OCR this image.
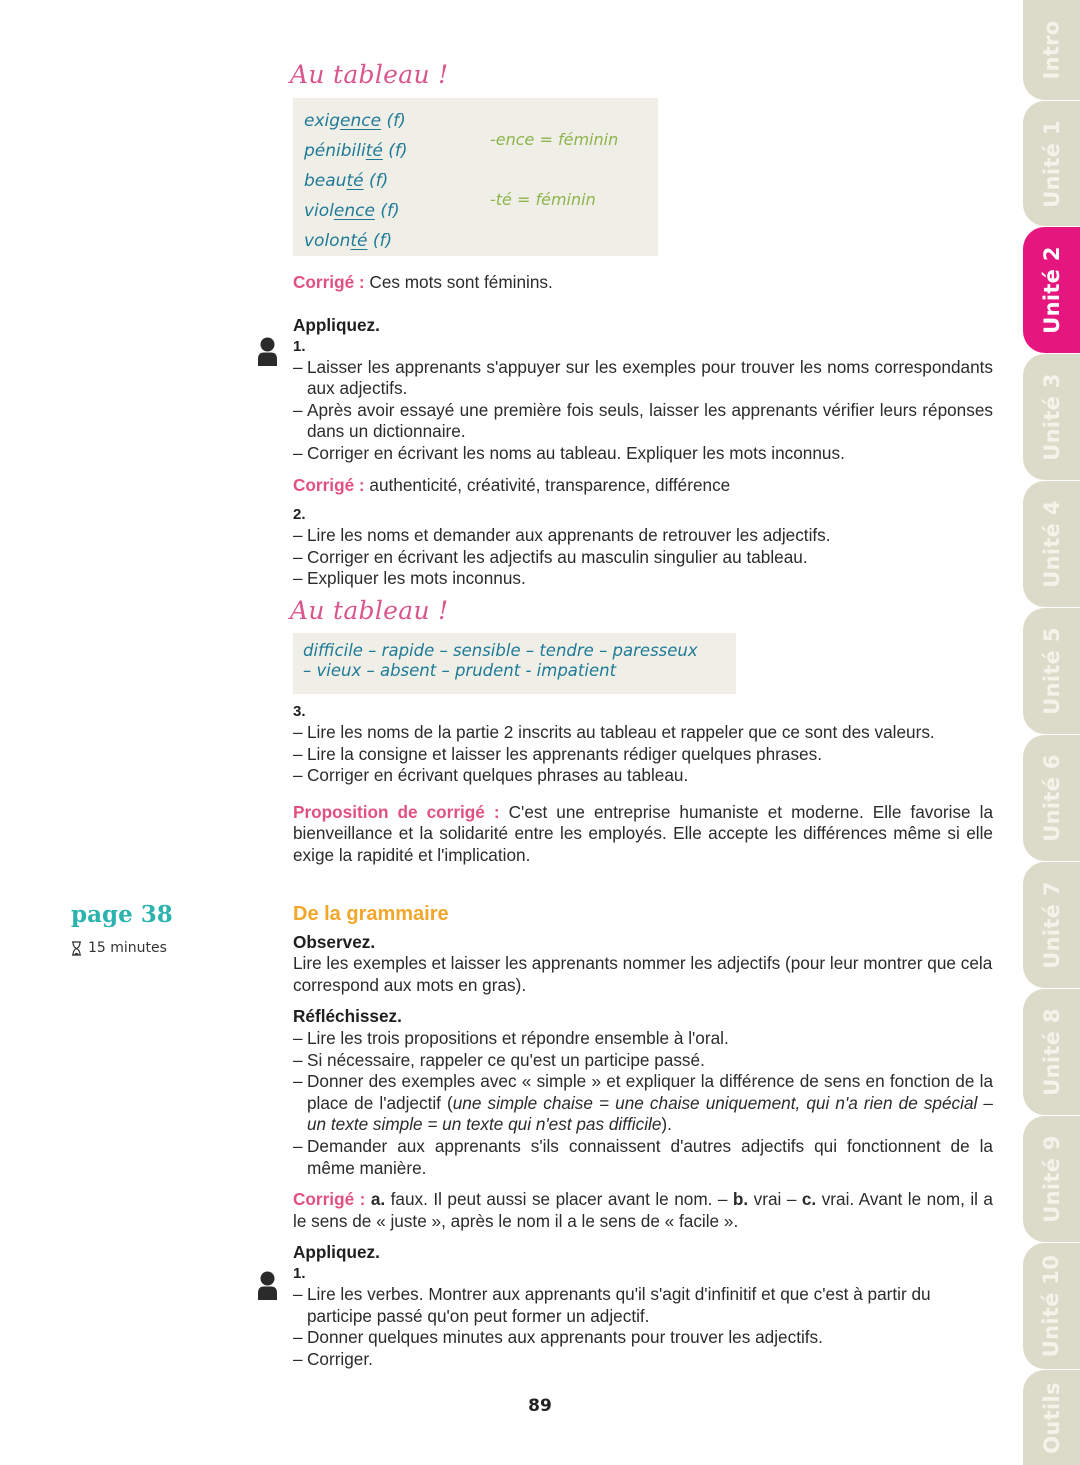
Intro
Unité 1
Unité 2
Unité 3
Unité 4
Unité 5
Unité 6
Unité 7
Unité 8
Unité 9
Unité 10
Outils
Au tableau !
exigence (f)
pénibilité (f)
beauté (f)
violence (f)
volonté (f)
-ence = féminin
-té = féminin
Corrigé : Ces mots sont féminins.
Appliquez.
1.
– Laisser les apprenants s'appuyer sur les exemples pour trouver les noms correspondants aux adjectifs.
– Après avoir essayé une première fois seuls, laisser les apprenants vérifier leurs réponses dans un dictionnaire.
– Corriger en écrivant les noms au tableau. Expliquer les mots inconnus.
Corrigé : authenticité, créativité, transparence, différence
2.
– Lire les noms et demander aux apprenants de retrouver les adjectifs.
– Corriger en écrivant les adjectifs au masculin singulier au tableau.
– Expliquer les mots inconnus.
Au tableau !
difficile – rapide – sensible – tendre – paresseux
– vieux – absent – prudent - impatient
3.
– Lire les noms de la partie 2 inscrits au tableau et rappeler que ce sont des valeurs.
– Lire la consigne et laisser les apprenants rédiger quelques phrases.
– Corriger en écrivant quelques phrases au tableau.
Proposition de corrigé : C'est une entreprise humaniste et moderne. Elle favorise la bienveillance et la solidarité entre les employés. Elle accepte les différences même si elle exige la rapidité et l'implication.
page 38
15 minutes
De la grammaire
Observez.
Lire les exemples et laisser les apprenants nommer les adjectifs (pour leur montrer que cela correspond aux mots en gras).
Réfléchissez.
– Lire les trois propositions et répondre ensemble à l'oral.
– Si nécessaire, rappeler ce qu'est un participe passé.
– Donner des exemples avec « simple » et expliquer la différence de sens en fonction de la place de l'adjectif (une simple chaise = une chaise uniquement, qui n'a rien de spécial – un texte simple = un texte qui n'est pas difficile).
– Demander aux apprenants s'ils connaissent d'autres adjectifs qui fonctionnent de la même manière.
Corrigé : a. faux. Il peut aussi se placer avant le nom. – b. vrai – c. vrai. Avant le nom, il a le sens de « juste », après le nom il a le sens de « facile ».
Appliquez.
1.
– Lire les verbes. Montrer aux apprenants qu'il s'agit d'infinitif et que c'est à partir du participe passé qu'on peut former un adjectif.
– Donner quelques minutes aux apprenants pour trouver les adjectifs.
– Corriger.
89
